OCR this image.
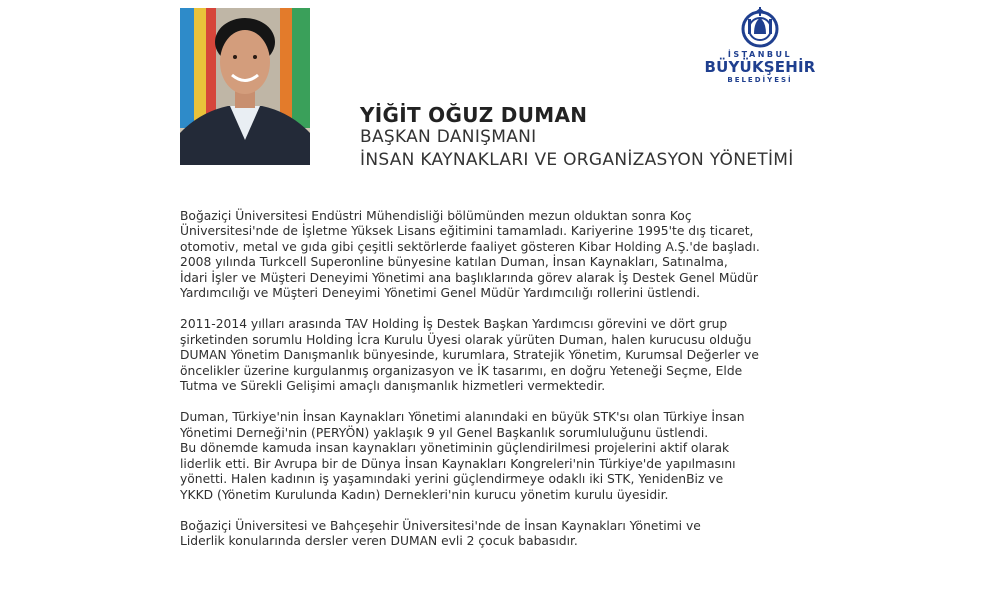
İSTANBUL
BÜYÜKŞEHİR
BELEDİYESİ
YİĞİT OĞUZ DUMAN
BAŞKAN DANIŞMANI
İNSAN KAYNAKLARI VE ORGANİZASYON YÖNETİMİ

Boğaziçi Üniversitesi Endüstri Mühendisliği bölümünden mezun olduktan sonra Koç
Üniversitesi'nde de İşletme Yüksek Lisans eğitimini tamamladı. Kariyerine 1995'te dış ticaret,
otomotiv, metal ve gıda gibi çeşitli sektörlerde faaliyet gösteren Kibar Holding A.Ş.'de başladı.
2008 yılında Turkcell Superonline bünyesine katılan Duman, İnsan Kaynakları, Satınalma,
İdari İşler ve Müşteri Deneyimi Yönetimi ana başlıklarında görev alarak İş Destek Genel Müdür
Yardımcılığı ve Müşteri Deneyimi Yönetimi Genel Müdür Yardımcılığı rollerini üstlendi.

2011-2014 yılları arasında TAV Holding İş Destek Başkan Yardımcısı görevini ve dört grup
şirketinden sorumlu Holding İcra Kurulu Üyesi olarak yürüten Duman, halen kurucusu olduğu
DUMAN Yönetim Danışmanlık bünyesinde, kurumlara, Stratejik Yönetim, Kurumsal Değerler ve
öncelikler üzerine kurgulanmış organizasyon ve İK tasarımı, en doğru Yeteneği Seçme, Elde
Tutma ve Sürekli Gelişimi amaçlı danışmanlık hizmetleri vermektedir.

Duman, Türkiye'nin İnsan Kaynakları Yönetimi alanındaki en büyük STK'sı olan Türkiye İnsan
Yönetimi Derneği'nin (PERYÖN) yaklaşık 9 yıl Genel Başkanlık sorumluluğunu üstlendi.
Bu dönemde kamuda insan kaynakları yönetiminin güçlendirilmesi projelerini aktif olarak
liderlik etti. Bir Avrupa bir de Dünya İnsan Kaynakları Kongreleri'nin Türkiye'de yapılmasını
yönetti. Halen kadının iş yaşamındaki yerini güçlendirmeye odaklı iki STK, YenidenBiz ve
YKKD (Yönetim Kurulunda Kadın) Dernekleri'nin kurucu yönetim kurulu üyesidir.

Boğaziçi Üniversitesi ve Bahçeşehir Üniversitesi'nde de İnsan Kaynakları Yönetimi ve
Liderlik konularında dersler veren DUMAN evli 2 çocuk babasıdır.
